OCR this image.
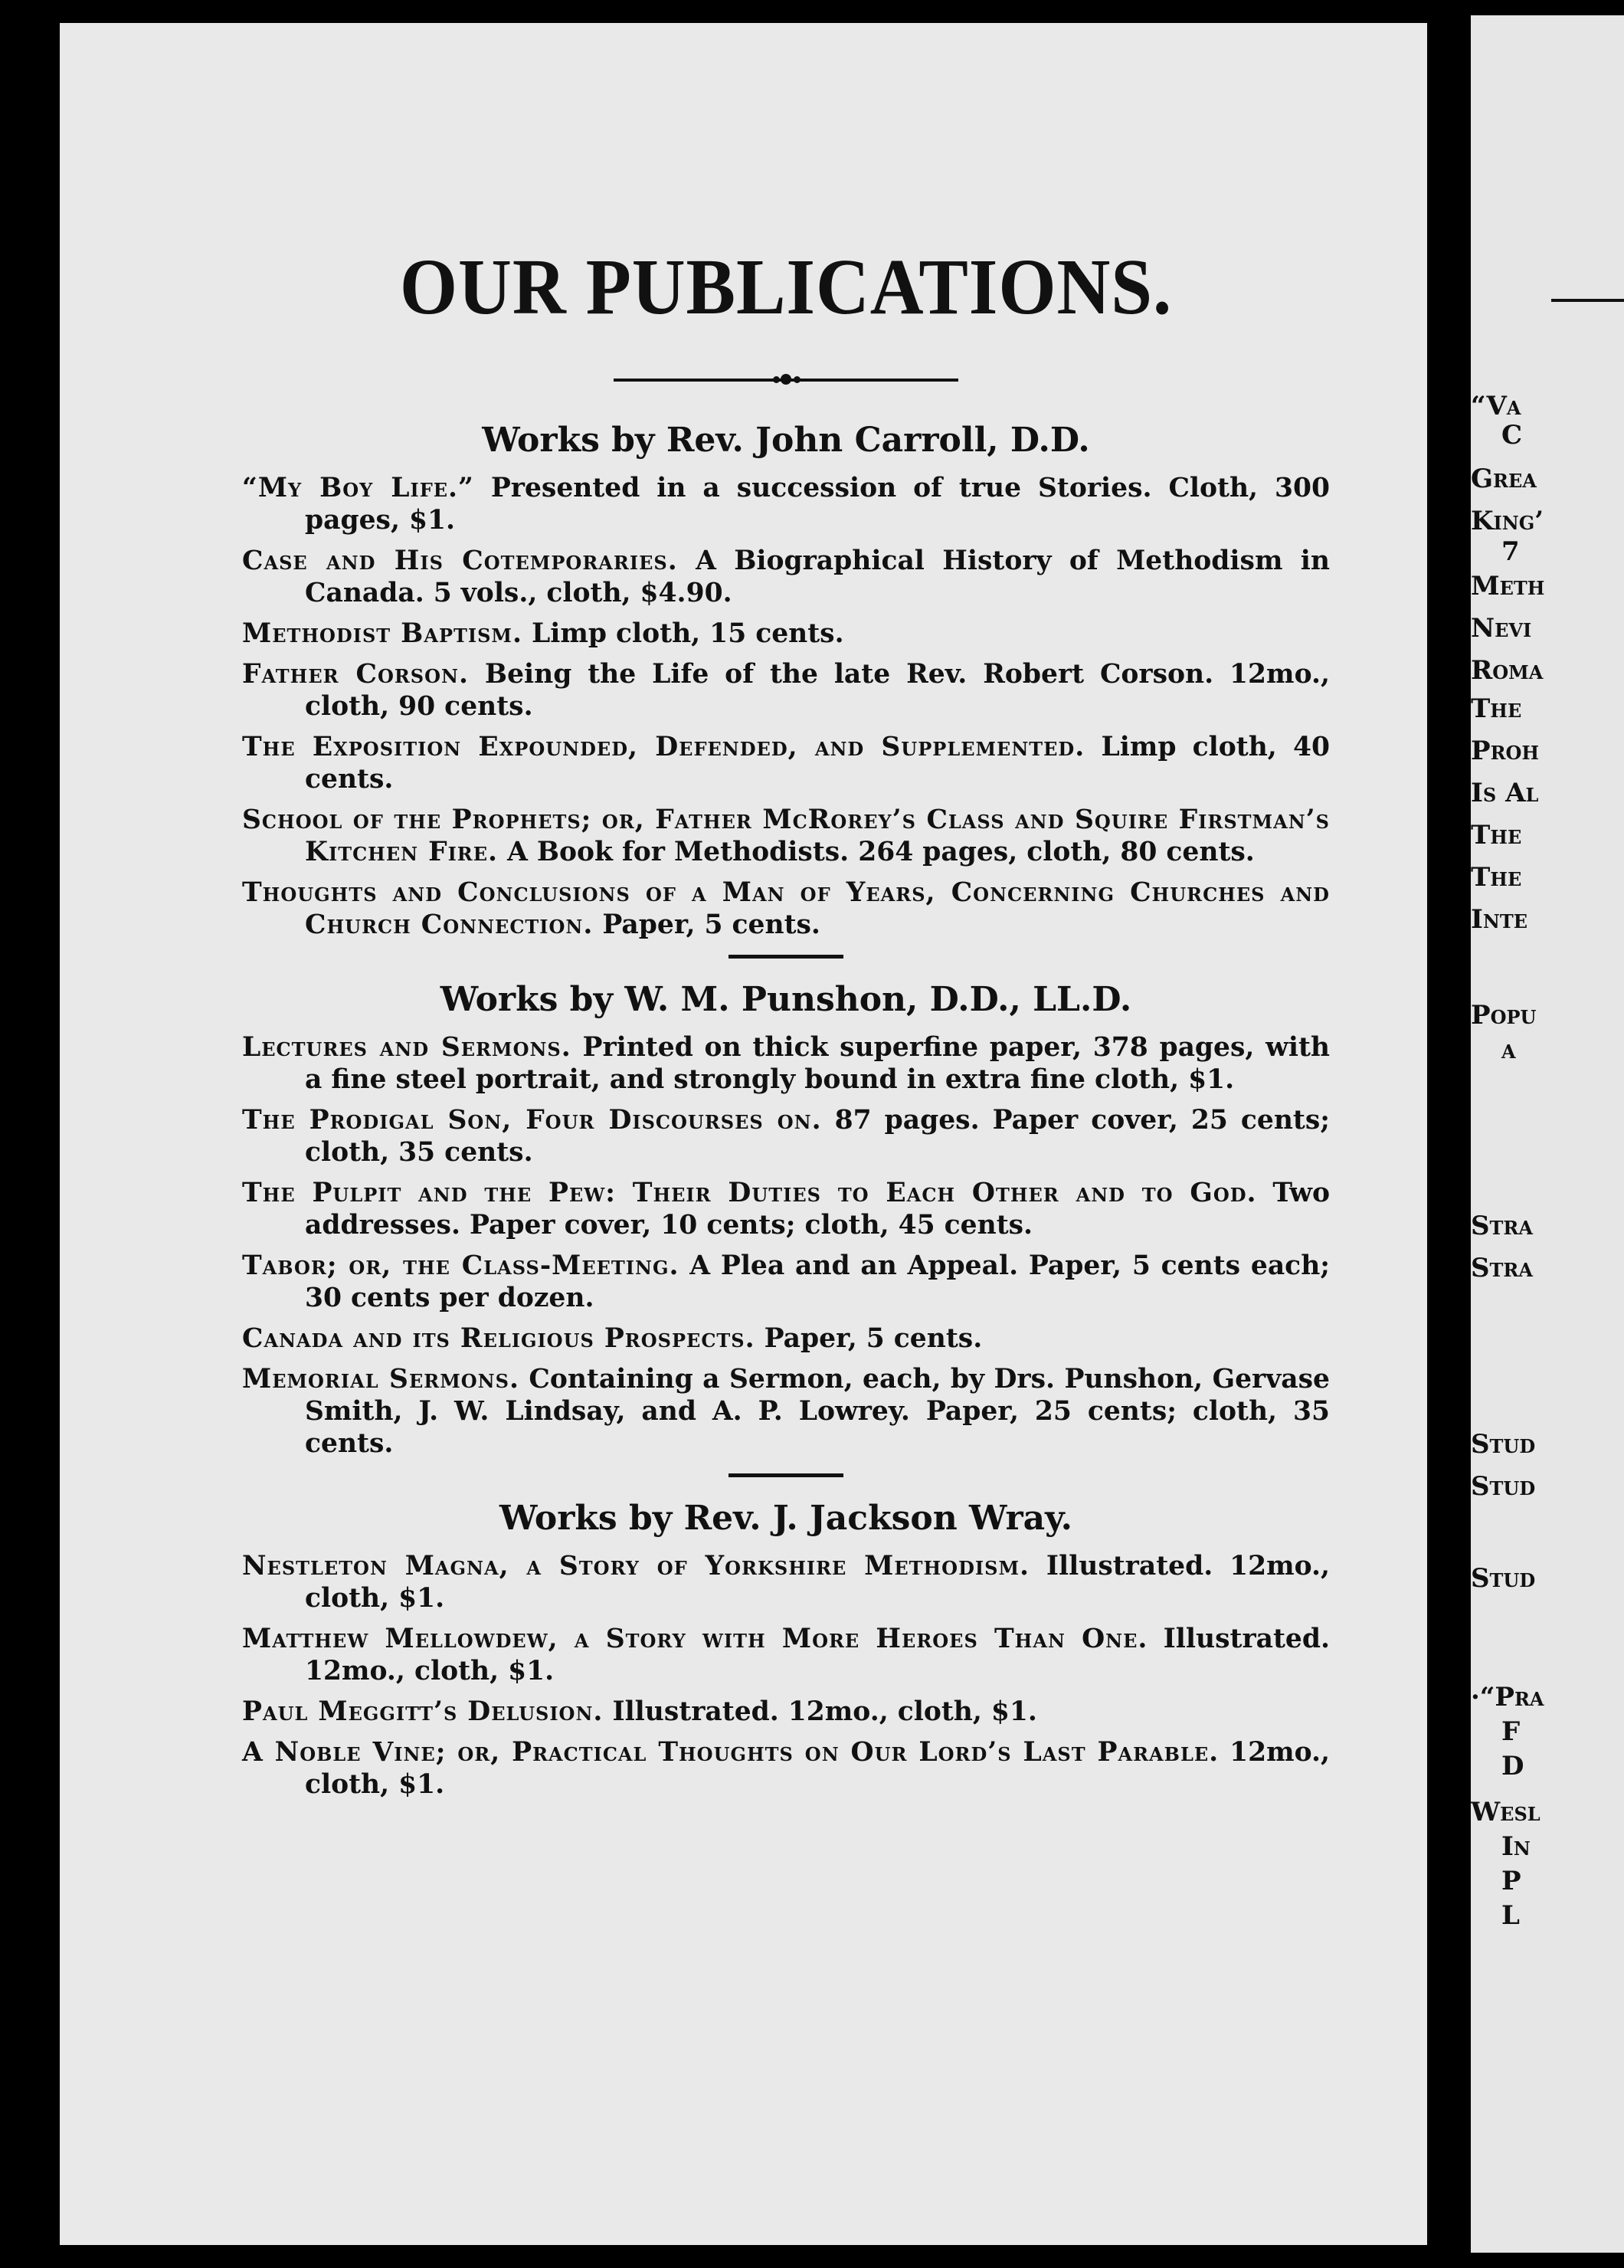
OUR PUBLICATIONS.
Works by Rev. John Carroll, D.D.

“My Boy Life.” Presented in a succession of true Stories. Cloth, 300 pages, $1.

Case and His Cotemporaries. A Biographical History of Methodism in Canada. 5 vols., cloth, $4.90.

Methodist Baptism. Limp cloth, 15 cents.

Father Corson. Being the Life of the late Rev. Robert Corson. 12mo., cloth, 90 cents.

The Exposition Expounded, Defended, and Supplemented. Limp cloth, 40 cents.

School of the Prophets; or, Father McRorey’s Class and Squire Firstman’s Kitchen Fire. A Book for Methodists. 264 pages, cloth, 80 cents.

Thoughts and Conclusions of a Man of Years, Concerning Churches and Church Connection. Paper, 5 cents.

Works by W. M. Punshon, D.D., LL.D.

Lectures and Sermons. Printed on thick superfine paper, 378 pages, with a fine steel portrait, and strongly bound in extra fine cloth, $1.

The Prodigal Son, Four Discourses on. 87 pages. Paper cover, 25 cents; cloth, 35 cents.

The Pulpit and the Pew: Their Duties to Each Other and to God. Two addresses. Paper cover, 10 cents; cloth, 45 cents.

Tabor; or, the Class-Meeting. A Plea and an Appeal. Paper, 5 cents each; 30 cents per dozen.

Canada and its Religious Prospects. Paper, 5 cents.

Memorial Sermons. Containing a Sermon, each, by Drs. Punshon, Gervase Smith, J. W. Lindsay, and A. P. Lowrey. Paper, 25 cents; cloth, 35 cents.

Works by Rev. J. Jackson Wray.

Nestleton Magna, a Story of Yorkshire Methodism. Illustrated. 12mo., cloth, $1.

Matthew Mellowdew, a Story with More Heroes Than One. Illustrated. 12mo., cloth, $1.

Paul Meggitt’s Delusion. Illustrated. 12mo., cloth, $1.

A Noble Vine; or, Practical Thoughts on Our Lord’s Last Parable. 12mo., cloth, $1.

“Va
C
Grea
King’
7
Meth
Nevi
Roma
The
Proh
Is Al
The
The
Inte
Popu
a
Stra
Stra
Stud
Stud
Stud
·“Pra
F
D
Wesl
In
P
L
